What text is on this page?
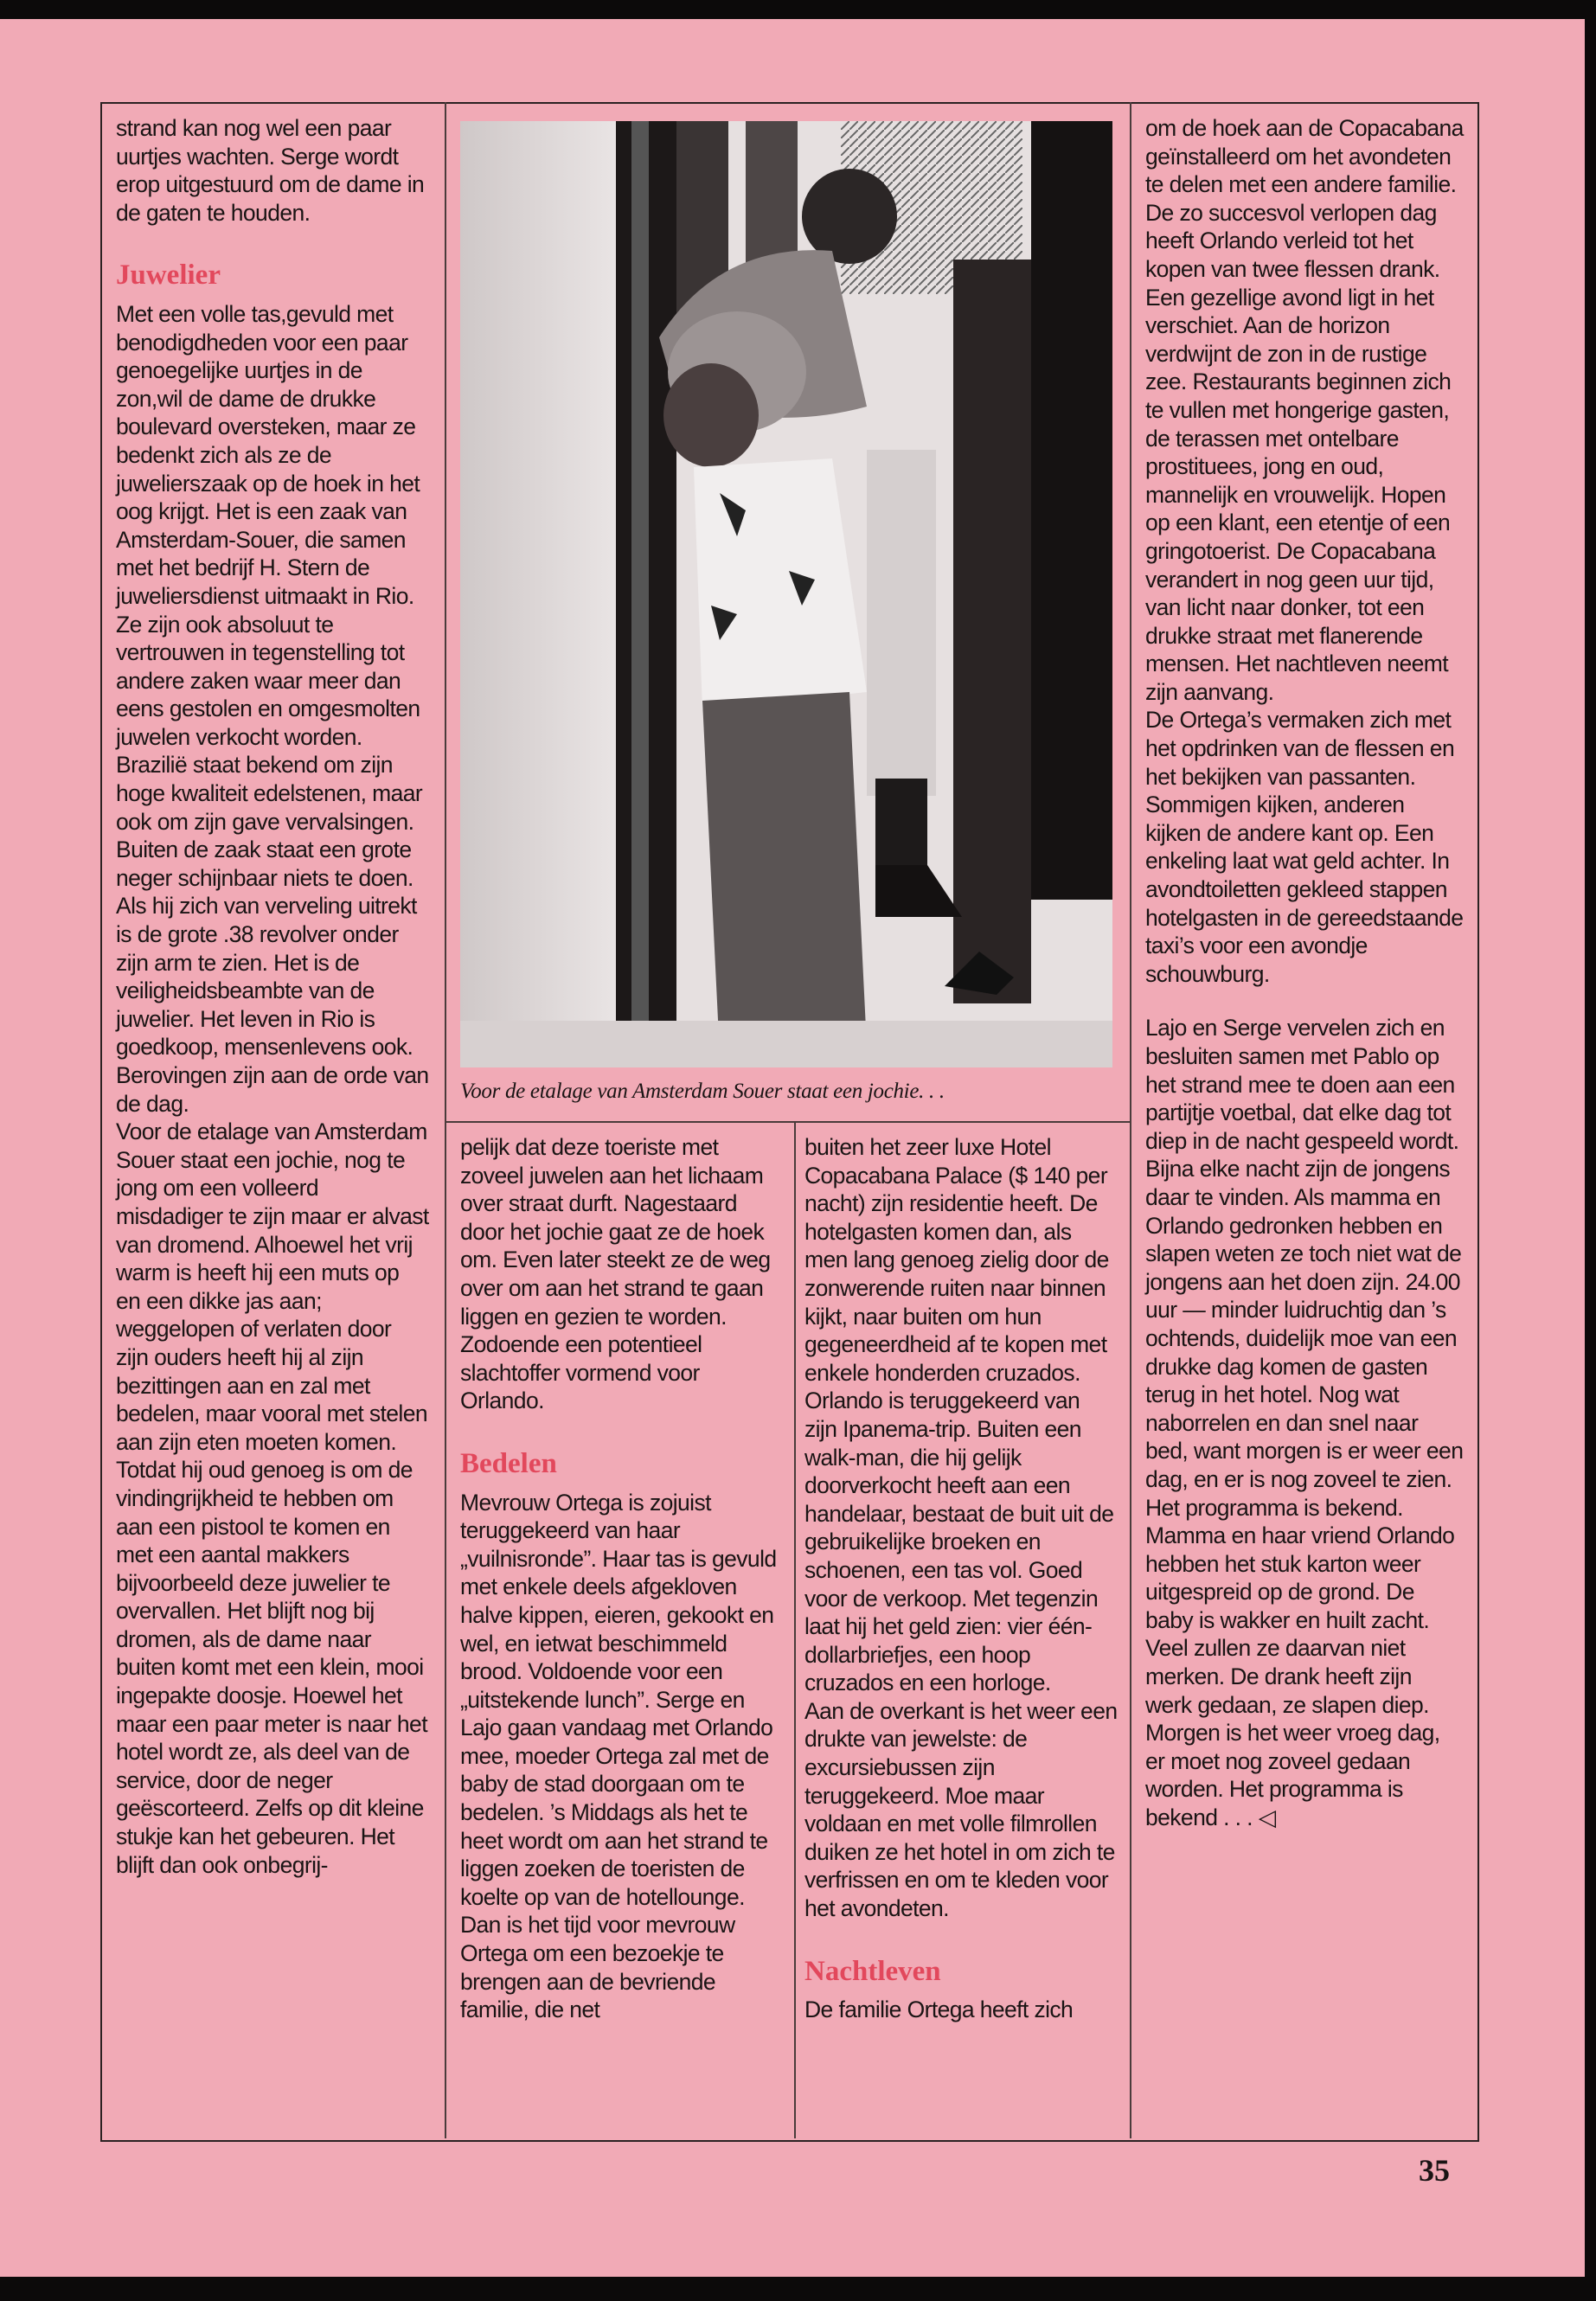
strand kan nog wel een paar uurtjes wachten. Serge wordt erop uitgestuurd om de dame in de gaten te houden.

Juwelier

Met een volle tas,gevuld met benodigdheden voor een paar genoegelijke uurtjes in de zon,wil de dame de drukke boulevard oversteken, maar ze bedenkt zich als ze de juwelierszaak op de hoek in het oog krijgt. Het is een zaak van Amsterdam-Souer, die samen met het bedrijf H. Stern de juweliersdienst uitmaakt in Rio. Ze zijn ook absoluut te vertrouwen in tegenstelling tot andere zaken waar meer dan eens gestolen en omgesmolten juwelen verkocht worden. Brazilië staat bekend om zijn hoge kwaliteit edelstenen, maar ook om zijn gave vervalsingen. Buiten de zaak staat een grote neger schijnbaar niets te doen. Als hij zich van verveling uitrekt is de grote .38 revolver onder zijn arm te zien. Het is de veiligheidsbeambte van de juwelier. Het leven in Rio is goedkoop, mensenlevens ook. Berovingen zijn aan de orde van de dag.

Voor de etalage van Amsterdam Souer staat een jochie, nog te jong om een volleerd misdadiger te zijn maar er alvast van dromend. Alhoewel het vrij warm is heeft hij een muts op en een dikke jas aan; weggelopen of verlaten door zijn ouders heeft hij al zijn bezittingen aan en zal met bedelen, maar vooral met stelen aan zijn eten moeten komen. Totdat hij oud genoeg is om de vindingrijkheid te hebben om aan een pistool te komen en met een aantal makkers bijvoorbeeld deze juwelier te overvallen. Het blijft nog bij dromen, als de dame naar buiten komt met een klein, mooi ingepakte doosje. Hoewel het maar een paar meter is naar het hotel wordt ze, als deel van de service, door de neger geëscorteerd. Zelfs op dit kleine stukje kan het gebeuren. Het blijft dan ook onbegrij-

Voor de etalage van Amsterdam Souer staat een jochie. . .

pelijk dat deze toeriste met zoveel juwelen aan het lichaam over straat durft. Nagestaard door het jochie gaat ze de hoek om. Even later steekt ze de weg over om aan het strand te gaan liggen en gezien te worden. Zodoende een potentieel slachtoffer vormend voor Orlando.

Bedelen

Mevrouw Ortega is zojuist teruggekeerd van haar „vuilnisronde”. Haar tas is gevuld met enkele deels afgekloven halve kippen, eieren, gekookt en wel, en ietwat beschimmeld brood. Voldoende voor een „uitstekende lunch”. Serge en Lajo gaan vandaag met Orlando mee, moeder Ortega zal met de baby de stad doorgaan om te bedelen. ’s Middags als het te heet wordt om aan het strand te liggen zoeken de toeristen de koelte op van de hotellounge. Dan is het tijd voor mevrouw Ortega om een bezoekje te brengen aan de bevriende familie, die net

buiten het zeer luxe Hotel Copacabana Palace ($ 140 per nacht) zijn residentie heeft. De hotelgasten komen dan, als men lang genoeg zielig door de zonwerende ruiten naar binnen kijkt, naar buiten om hun gegeneerdheid af te kopen met enkele honderden cruzados.

Orlando is teruggekeerd van zijn Ipanema-trip. Buiten een walk-man, die hij gelijk doorverkocht heeft aan een handelaar, bestaat de buit uit de gebruikelijke broeken en schoenen, een tas vol. Goed voor de verkoop. Met tegenzin laat hij het geld zien: vier één-dollarbriefjes, een hoop cruzados en een horloge.

Aan de overkant is het weer een drukte van jewelste: de excursiebussen zijn teruggekeerd. Moe maar voldaan en met volle filmrollen duiken ze het hotel in om zich te verfrissen en om te kleden voor het avondeten.

Nachtleven

De familie Ortega heeft zich

om de hoek aan de Copacabana geïnstalleerd om het avondeten te delen met een andere familie. De zo succesvol verlopen dag heeft Orlando verleid tot het kopen van twee flessen drank. Een gezellige avond ligt in het verschiet. Aan de horizon verdwijnt de zon in de rustige zee. Restaurants beginnen zich te vullen met hongerige gasten, de terassen met ontelbare prostituees, jong en oud, mannelijk en vrouwelijk. Hopen op een klant, een etentje of een gringotoerist. De Copacabana verandert in nog geen uur tijd, van licht naar donker, tot een drukke straat met flanerende mensen. Het nachtleven neemt zijn aanvang.

De Ortega’s vermaken zich met het opdrinken van de flessen en het bekijken van passanten. Sommigen kijken, anderen kijken de andere kant op. Een enkeling laat wat geld achter. In avondtoiletten gekleed stappen hotelgasten in de gereedstaande taxi’s voor een avondje schouwburg.

Lajo en Serge vervelen zich en besluiten samen met Pablo op het strand mee te doen aan een partijtje voetbal, dat elke dag tot diep in de nacht gespeeld wordt. Bijna elke nacht zijn de jongens daar te vinden. Als mamma en Orlando gedronken hebben en slapen weten ze toch niet wat de jongens aan het doen zijn. 24.00 uur — minder luidruchtig dan ’s ochtends, duidelijk moe van een drukke dag komen de gasten terug in het hotel. Nog wat naborrelen en dan snel naar bed, want morgen is er weer een dag, en er is nog zoveel te zien. Het programma is bekend.

Mamma en haar vriend Orlando hebben het stuk karton weer uitgespreid op de grond. De baby is wakker en huilt zacht. Veel zullen ze daarvan niet merken. De drank heeft zijn werk gedaan, ze slapen diep. Morgen is het weer vroeg dag, er moet nog zoveel gedaan worden. Het programma is bekend . . . ◁

35
